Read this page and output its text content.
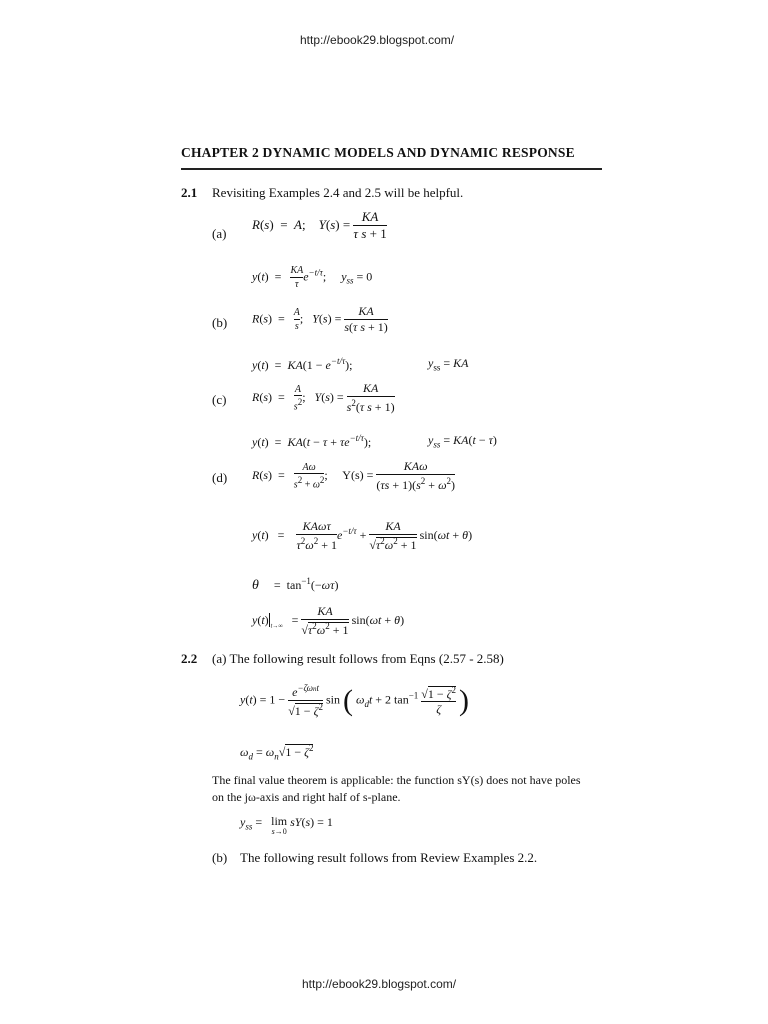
http://ebook29.blogspot.com/
CHAPTER 2 DYNAMIC MODELS AND DYNAMIC RESPONSE
2.1 Revisiting Examples 2.4 and 2.5 will be helpful.
(a)
R(s)  =  A;    $Y(s) = \frac{KA}{\text{τ s + 1}}$
$y(t) = \frac{KA}{\tau} e^{-t/\tau}$;     $y_{ss} = 0$
(b) $R(s) = \frac{A}{s}$ ;   $Y(s) = \frac{KA}{\text{s(τ s + 1)}}$
$y(t) = KA(1 - e^{-t/\tau})$;	$y_{ss}$ = KA
(c) $R(s) = \frac{A}{s2}$ ;   $Y(s) = \frac{KA}{s^2(\tau s + 1)}$
$y(t) = KA(t - \tau + \tau e^{-t/\tau})$;	$y_{ss} = KA(t - \tau)$
(d) $R(s) = \frac{A\omega}{s2 + \omega 2}$ ;     $Y(s) = \frac{\text{KAω}}{(\tau s + 1)(s^2 + \omega^2)}$
$y(t) = \frac{\text{KAωτ}}{\tau^2\omega^2 + 1} e^{-t/\tau} + \frac{KA}{√\tau^2\omega^2 + 1} \sin(\omega t + \theta)$
θ     =  $\tan^{-1}(-\omega\tau)$
y(t) $_{t\to\infty} = \frac{KA}{√\tau^2\omega^2 + 1} \sin(\omega t + \theta)$
2.2 (a) The following result follows from Eqns (2.57 - 2.58)
$y(t) = 1 - \frac{e^{-\zeta\omega nt}}{√1 - \zeta^2}$ sin ( $\omega_dt + 2$ $\tan^{-1} \frac{√1 - \zeta^2}{\zeta}$ )
$\omega_d = \omega_n√1 - \zeta^2$
The final value theorem is applicable: the function sY(s) does not have poles
on the jω-axis and right half of s-plane.
$y_{ss} = \lim$
s→0
sY(s) = 1
(b) The following result follows from Review Examples 2.2.
http://ebook29.blogspot.com/
